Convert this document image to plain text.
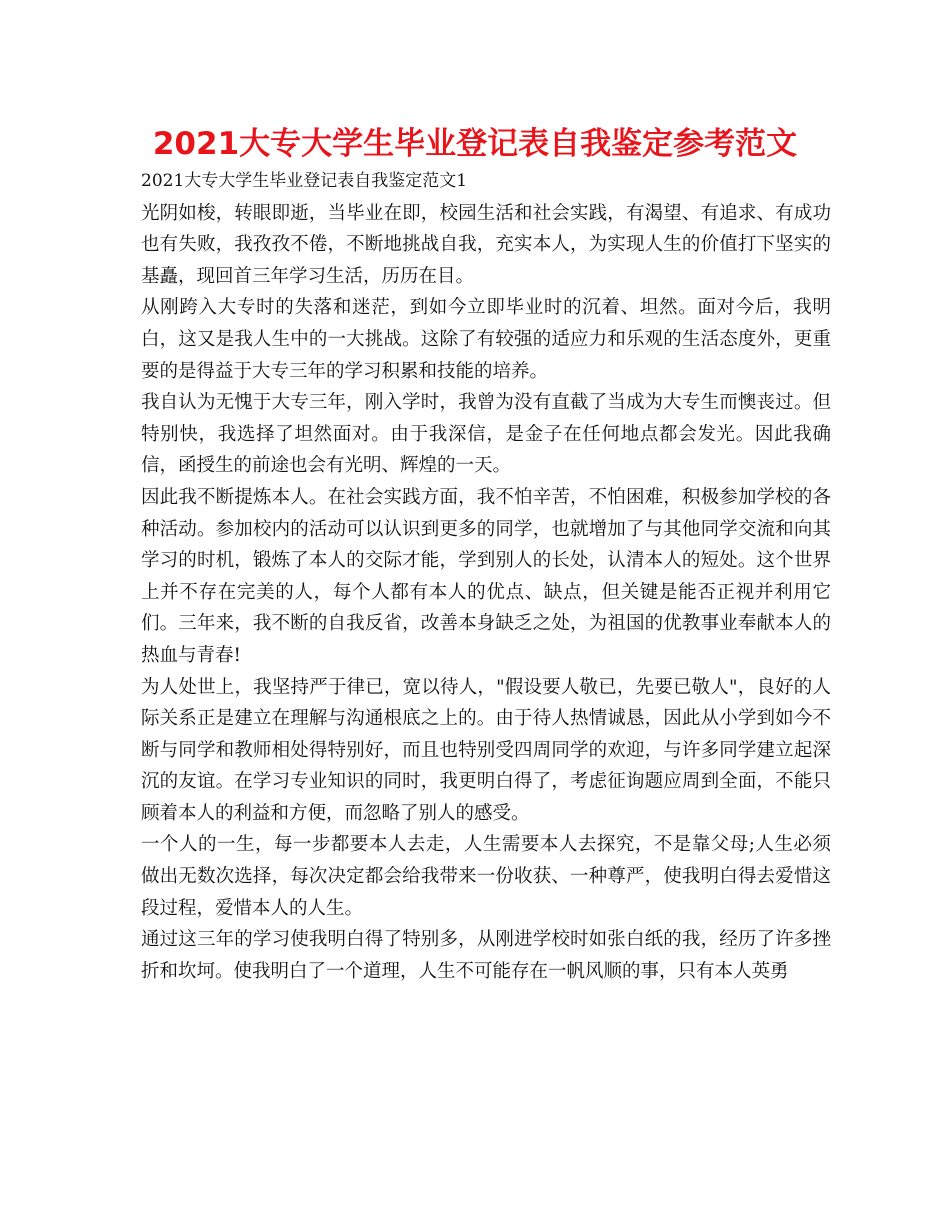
2021大专大学生毕业登记表自我鉴定参考范文

2021大专大学生毕业登记表自我鉴定范文1

光阴如梭，转眼即逝，当毕业在即，校园生活和社会实践，有渴望、有追求、有成功也有失败，我孜孜不倦，不断地挑战自我，充实本人，为实现人生的价值打下坚实的基矗，现回首三年学习生活，历历在目。

从刚跨入大专时的失落和迷茫，到如今立即毕业时的沉着、坦然。面对今后，我明白，这又是我人生中的一大挑战。这除了有较强的适应力和乐观的生活态度外，更重要的是得益于大专三年的学习积累和技能的培养。

我自认为无愧于大专三年，刚入学时，我曾为没有直截了当成为大专生而懊丧过。但特别快，我选择了坦然面对。由于我深信，是金子在任何地点都会发光。因此我确信，函授生的前途也会有光明、辉煌的一天。

因此我不断提炼本人。在社会实践方面，我不怕辛苦，不怕困难，积极参加学校的各种活动。参加校内的活动可以认识到更多的同学，也就增加了与其他同学交流和向其学习的时机，锻炼了本人的交际才能，学到别人的长处，认清本人的短处。这个世界上并不存在完美的人，每个人都有本人的优点、缺点，但关键是能否正视并利用它们。三年来，我不断的自我反省，改善本身缺乏之处，为祖国的优教事业奉献本人的热血与青春!

为人处世上，我坚持严于律已，宽以待人，"假设要人敬已，先要已敬人"，良好的人际关系正是建立在理解与沟通根底之上的。由于待人热情诚恳，因此从小学到如今不断与同学和教师相处得特别好，而且也特别受四周同学的欢迎，与许多同学建立起深沉的友谊。在学习专业知识的同时，我更明白得了，考虑征询题应周到全面，不能只顾着本人的利益和方便，而忽略了别人的感受。

一个人的一生，每一步都要本人去走，人生需要本人去探究，不是靠父母;人生必须做出无数次选择，每次决定都会给我带来一份收获、一种尊严，使我明白得去爱惜这段过程，爱惜本人的人生。

通过这三年的学习使我明白得了特别多，从刚进学校时如张白纸的我，经历了许多挫折和坎坷。使我明白了一个道理，人生不可能存在一帆风顺的事，只有本人英勇
